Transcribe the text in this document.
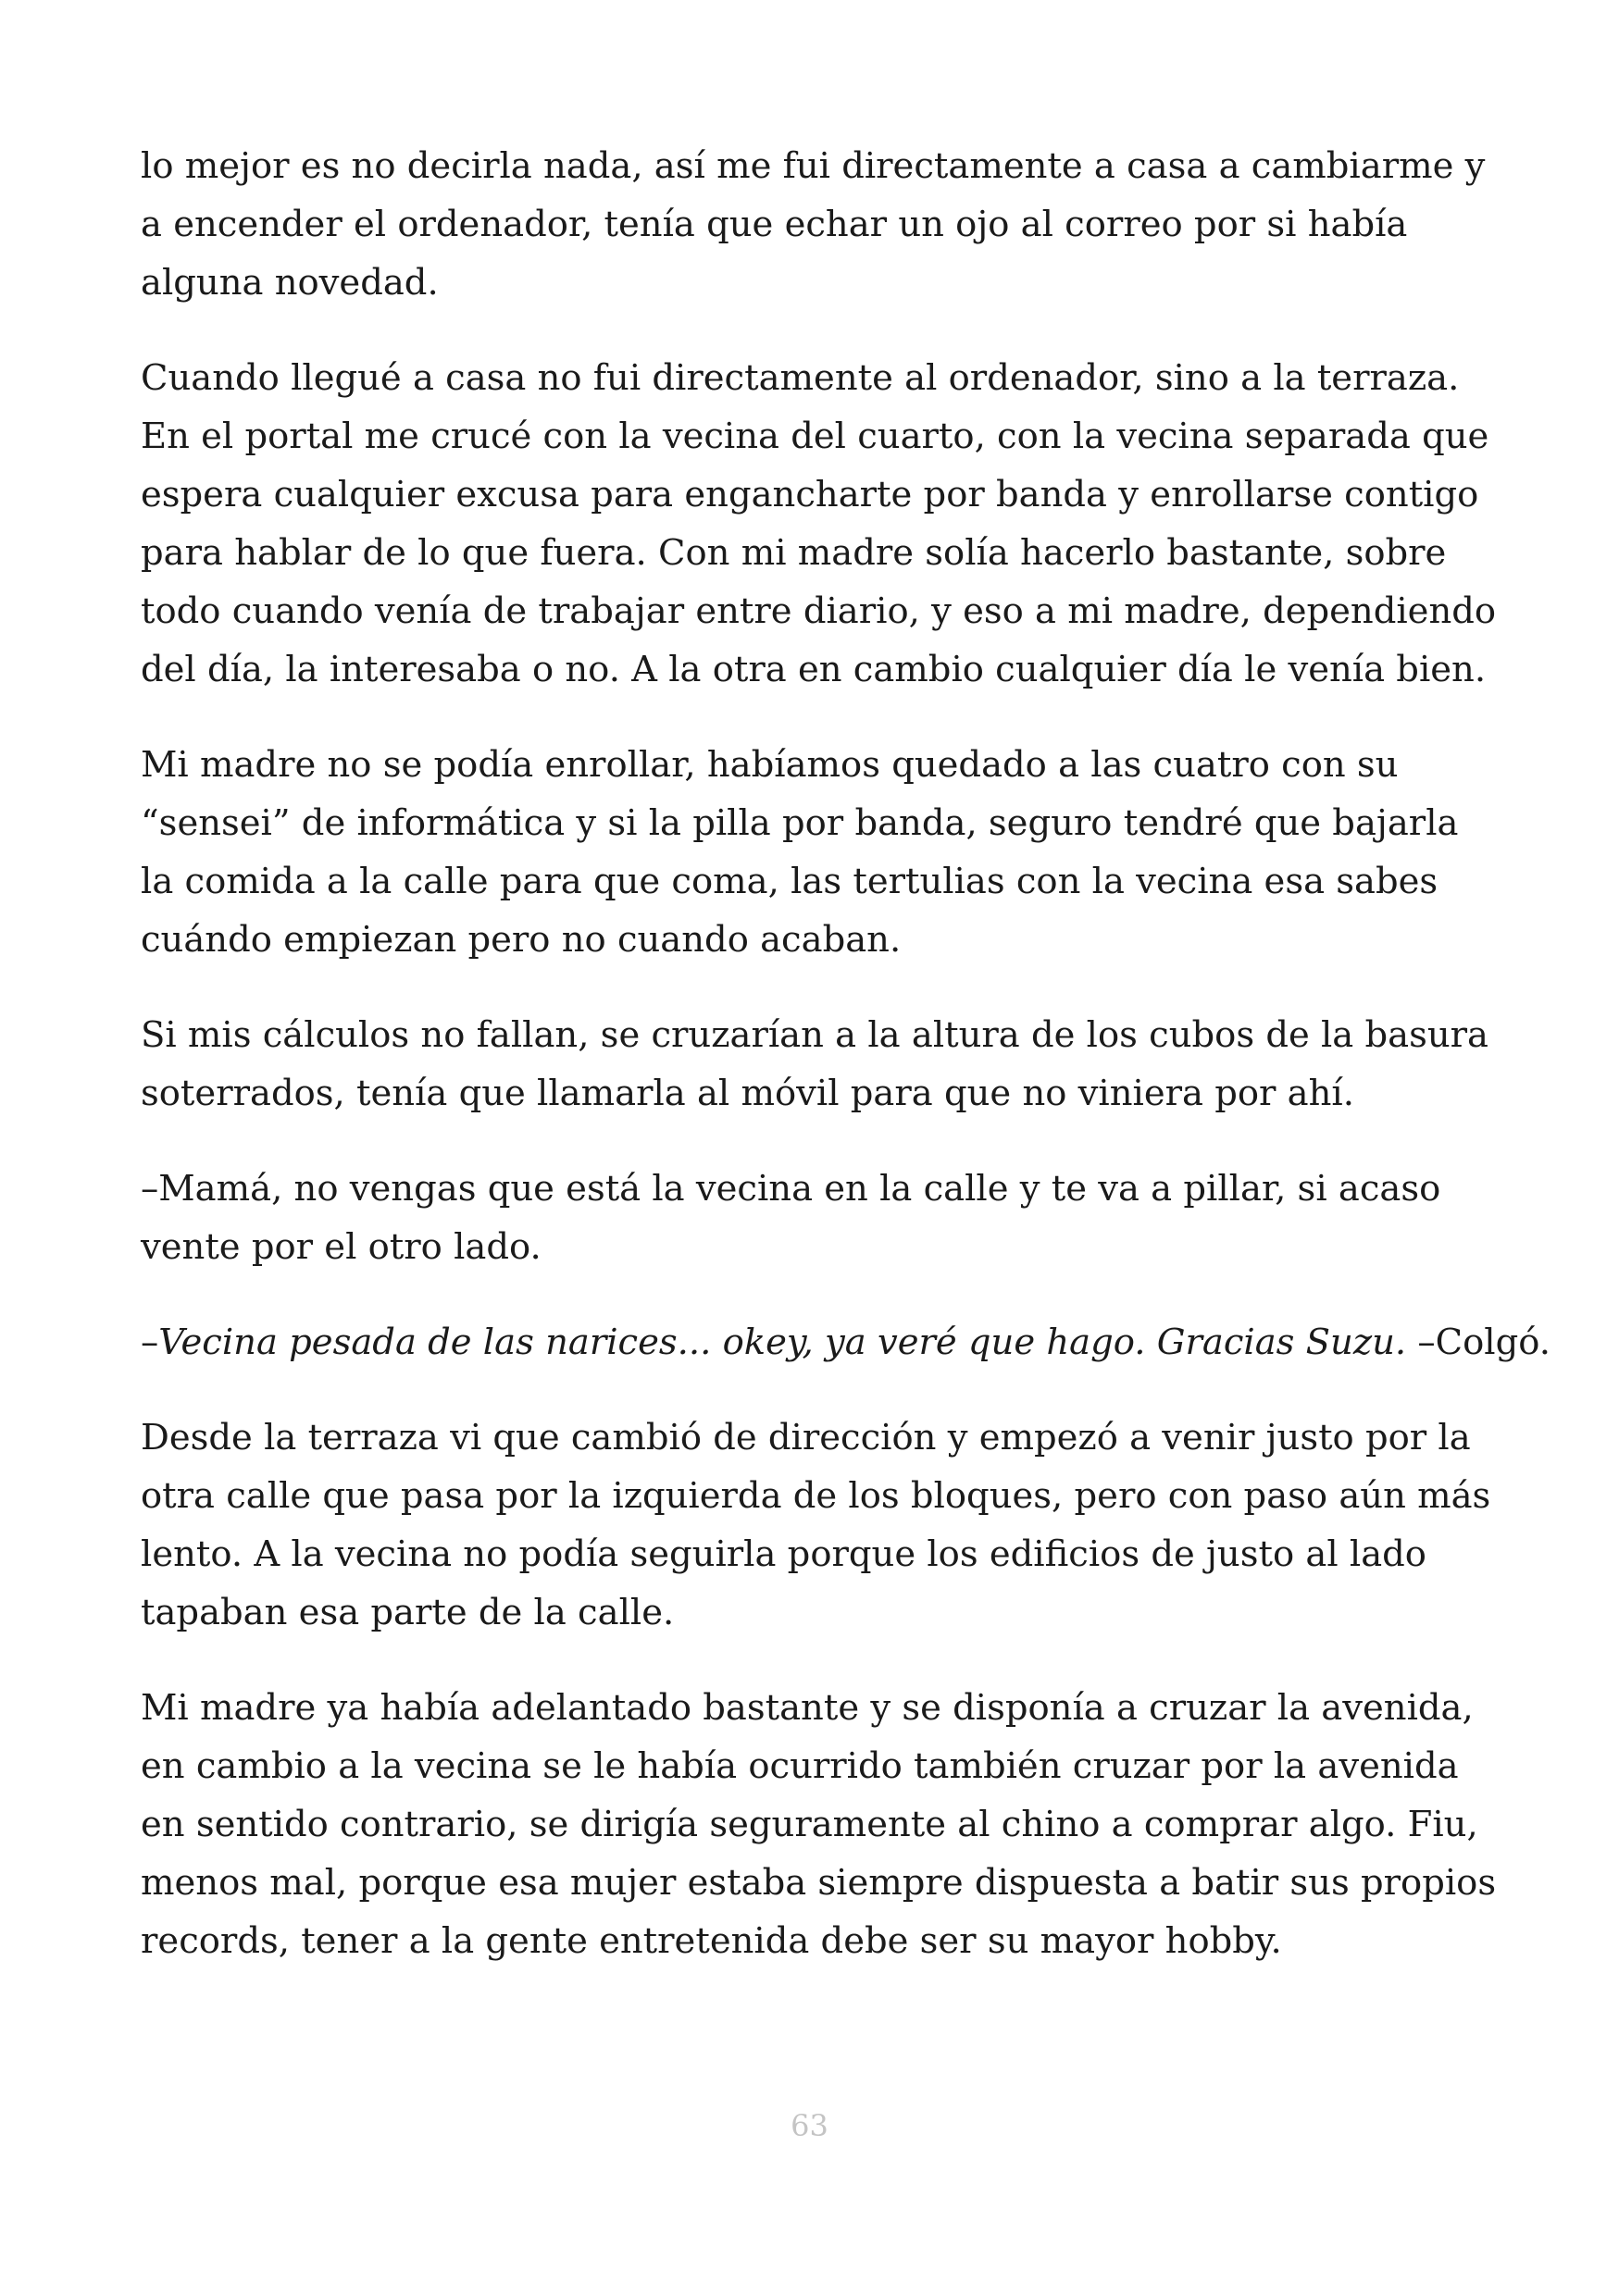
lo mejor es no decirla nada, así me fui directamente a casa a cambiarme y a encender el ordenador, tenía que echar un ojo al correo por si había alguna novedad.

Cuando llegué a casa no fui directamente al ordenador, sino a la terraza. En el portal me crucé con la vecina del cuarto, con la vecina separada que espera cualquier excusa para engancharte por banda y enrollarse contigo para hablar de lo que fuera. Con mi madre solía hacerlo bastante, sobre todo cuando venía de trabajar entre diario, y eso a mi madre, dependiendo del día, la interesaba o no. A la otra en cambio cualquier día le venía bien.

Mi madre no se podía enrollar, habíamos quedado a las cuatro con su “sensei” de informática y si la pilla por banda, seguro tendré que bajarla la comida a la calle para que coma, las tertulias con la vecina esa sabes cuándo empiezan pero no cuando acaban.

Si mis cálculos no fallan, se cruzarían a la altura de los cubos de la basura soterrados, tenía que llamarla al móvil para que no viniera por ahí.

–Mamá, no vengas que está la vecina en la calle y te va a pillar, si acaso vente por el otro lado.

–Vecina pesada de las narices... okey, ya veré que hago. Gracias Suzu. –Colgó.

Desde la terraza vi que cambió de dirección y empezó a venir justo por la otra calle que pasa por la izquierda de los bloques, pero con paso aún más lento. A la vecina no podía seguirla porque los edificios de justo al lado tapaban esa parte de la calle.

Mi madre ya había adelantado bastante y se disponía a cruzar la avenida, en cambio a la vecina se le había ocurrido también cruzar por la avenida en sentido contrario, se dirigía seguramente al chino a comprar algo. Fiu, menos mal, porque esa mujer estaba siempre dispuesta a batir sus propios records, tener a la gente entretenida debe ser su mayor hobby.

63
